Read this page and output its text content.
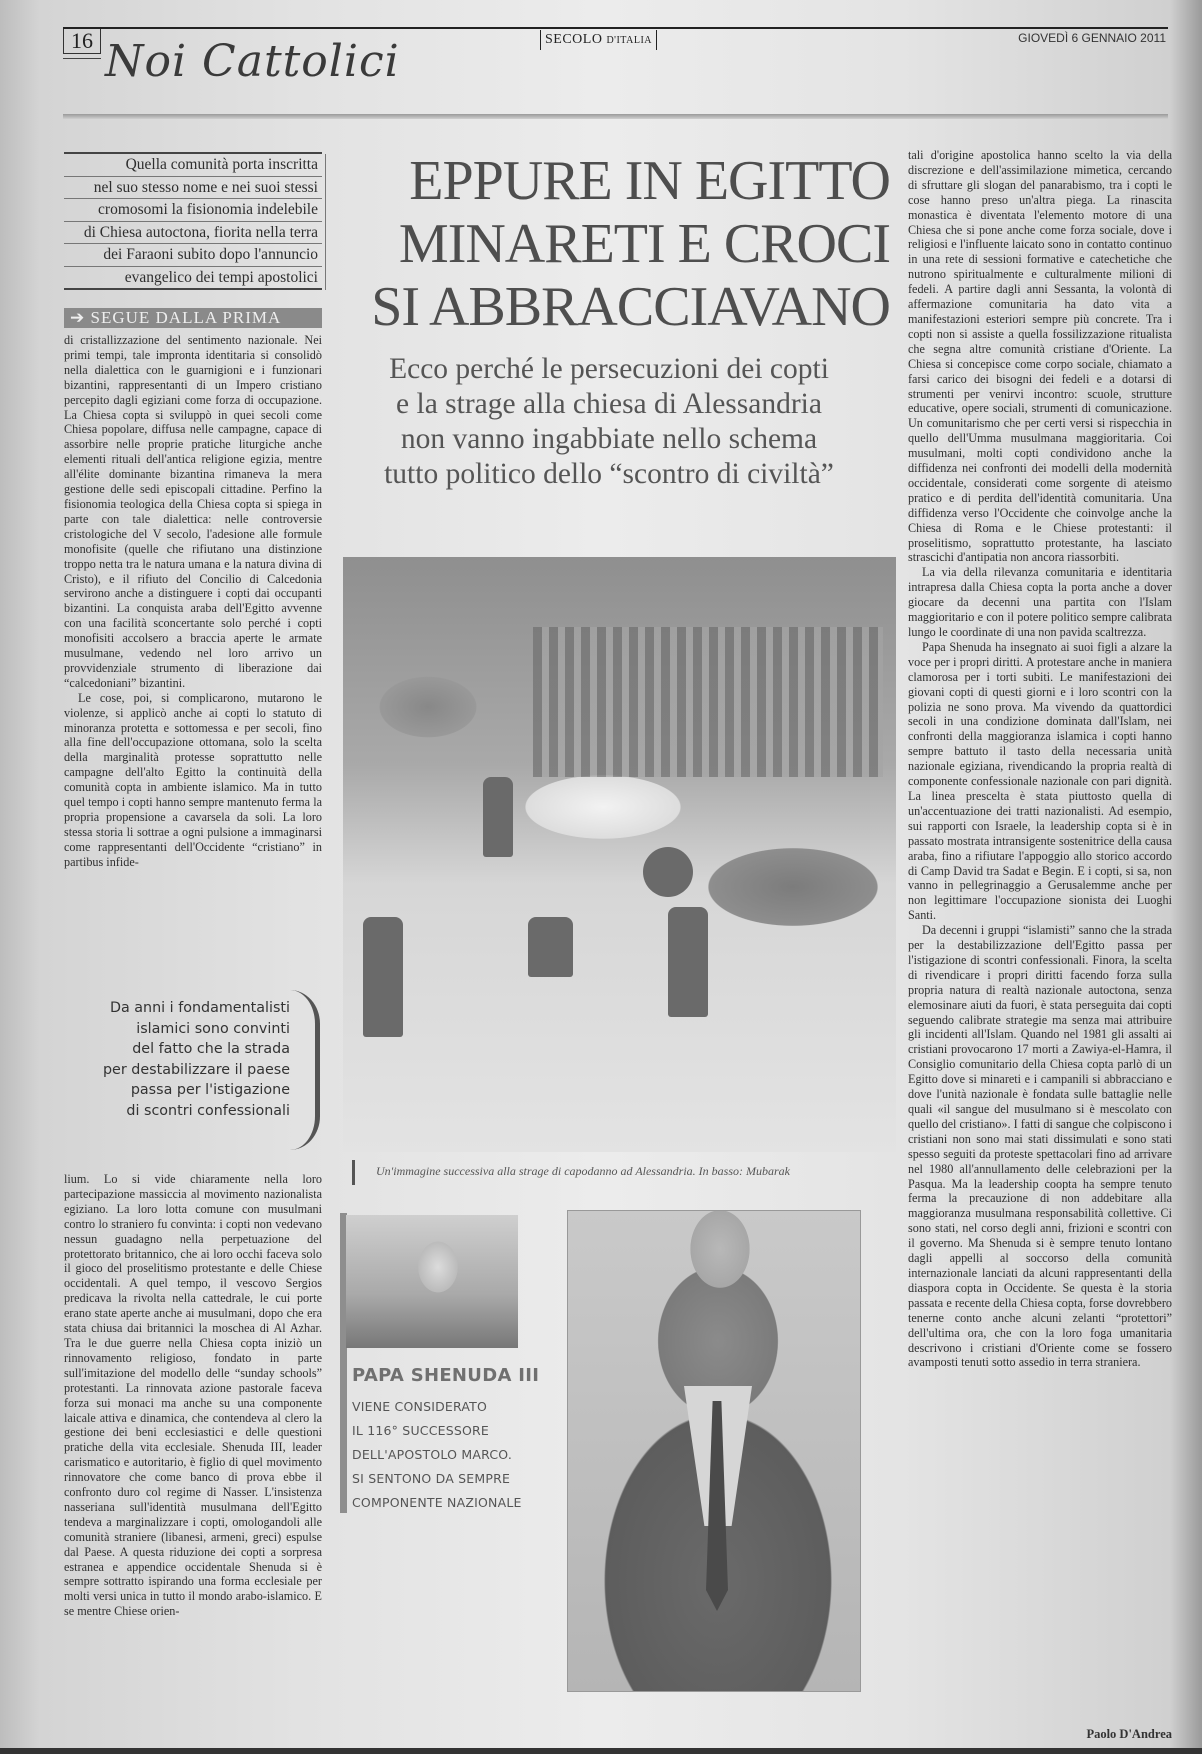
16 Noi Cattolici	SECOLO D'ITALIA	GIOVEDÌ 6 GENNAIO 2011
Quella comunità porta inscritta
nel suo stesso nome e nei suoi stessi
cromosomi la fisionomia indelebile
di Chiesa autoctona, fiorita nella terra
dei Faraoni subito dopo l'annuncio
evangelico dei tempi apostolici
➔ SEGUE DALLA PRIMA

di cristallizzazione del sentimento nazionale. Nei primi tempi, tale impronta identitaria si consolidò nella dialettica con le guarnigioni e i funzionari bizantini, rappresentanti di un Impero cristiano percepito dagli egiziani come forza di occupazione. La Chiesa copta si sviluppò in quei secoli come Chiesa popolare, diffusa nelle campagne, capace di assorbire nelle proprie pratiche liturgiche anche elementi rituali dell'antica religione egizia, mentre all'élite dominante bizantina rimaneva la mera gestione delle sedi episcopali cittadine. Perfino la fisionomia teologica della Chiesa copta si spiega in parte con tale dialettica: nelle controversie cristologiche del V secolo, l'adesione alle formule monofisite (quelle che rifiutano una distinzione troppo netta tra le natura umana e la natura divina di Cristo), e il rifiuto del Concilio di Calcedonia servirono anche a distinguere i copti dai occupanti bizantini. La conquista araba dell'Egitto avvenne con una facilità sconcertante solo perché i copti monofisiti accolsero a braccia aperte le armate musulmane, vedendo nel loro arrivo un provvidenziale strumento di liberazione dai “calcedoniani” bizantini.

Le cose, poi, si complicarono, mutarono le violenze, si applicò anche ai copti lo statuto di minoranza protetta e sottomessa e per secoli, fino alla fine dell'occupazione ottomana, solo la scelta della marginalità protesse soprattutto nelle campagne dell'alto Egitto la continuità della comunità copta in ambiente islamico. Ma in tutto quel tempo i copti hanno sempre mantenuto ferma la propria propensione a cavarsela da soli. La loro stessa storia li sottrae a ogni pulsione a immaginarsi come rappresentanti dell'Occidente “cristiano” in partibus infide-

Da anni i fondamentalisti
islamici sono convinti
del fatto che la strada
per destabilizzare il paese
passa per l'istigazione
di scontri confessionali

lium. Lo si vide chiaramente nella loro partecipazione massiccia al movimento nazionalista egiziano. La loro lotta comune con musulmani contro lo straniero fu convinta: i copti non vedevano nessun guadagno nella perpetuazione del protettorato britannico, che ai loro occhi faceva solo il gioco del proselitismo protestante e delle Chiese occidentali. A quel tempo, il vescovo Sergios predicava la rivolta nella cattedrale, le cui porte erano state aperte anche ai musulmani, dopo che era stata chiusa dai britannici la moschea di Al Azhar. Tra le due guerre nella Chiesa copta iniziò un rinnovamento religioso, fondato in parte sull'imitazione del modello delle “sunday schools” protestanti. La rinnovata azione pastorale faceva forza sui monaci ma anche su una componente laicale attiva e dinamica, che contendeva al clero la gestione dei beni ecclesiastici e delle questioni pratiche della vita ecclesiale. Shenuda III, leader carismatico e autoritario, è figlio di quel movimento rinnovatore che come banco di prova ebbe il confronto duro col regime di Nasser. L'insistenza nasseriana sull'identità musulmana dell'Egitto tendeva a marginalizzare i copti, omologandoli alle comunità straniere (libanesi, armeni, greci) espulse dal Paese. A questa riduzione dei copti a sorpresa estranea e appendice occidentale Shenuda si è sempre sottratto ispirando una forma ecclesiale per molti versi unica in tutto il mondo arabo-islamico. E se mentre Chiese orien-

EPPURE IN EGITTO
MINARETI E CROCI
SI ABBRACCIAVANO
Ecco perché le persecuzioni dei copti
e la strage alla chiesa di Alessandria
non vanno ingabbiate nello schema
tutto politico dello “scontro di civiltà”
Un'immagine successiva alla strage di capodanno ad Alessandria. In basso: Mubarak
PAPA SHENUDA III
VIENE CONSIDERATO
IL 116° SUCCESSORE
DELL'APOSTOLO MARCO.
SI SENTONO DA SEMPRE
COMPONENTE NAZIONALE

tali d'origine apostolica hanno scelto la via della discrezione e dell'assimilazione mimetica, cercando di sfruttare gli slogan del panarabismo, tra i copti le cose hanno preso un'altra piega. La rinascita monastica è diventata l'elemento motore di una Chiesa che si pone anche come forza sociale, dove i religiosi e l'influente laicato sono in contatto continuo in una rete di sessioni formative e catechetiche che nutrono spiritualmente e culturalmente milioni di fedeli. A partire dagli anni Sessanta, la volontà di affermazione comunitaria ha dato vita a manifestazioni esteriori sempre più concrete. Tra i copti non si assiste a quella fossilizzazione ritualista che segna altre comunità cristiane d'Oriente. La Chiesa si concepisce come corpo sociale, chiamato a farsi carico dei bisogni dei fedeli e a dotarsi di strumenti per venirvi incontro: scuole, strutture educative, opere sociali, strumenti di comunicazione. Un comunitarismo che per certi versi si rispecchia in quello dell'Umma musulmana maggioritaria. Coi musulmani, molti copti condividono anche la diffidenza nei confronti dei modelli della modernità occidentale, considerati come sorgente di ateismo pratico e di perdita dell'identità comunitaria. Una diffidenza verso l'Occidente che coinvolge anche la Chiesa di Roma e le Chiese protestanti: il proselitismo, soprattutto protestante, ha lasciato strascichi d'antipatia non ancora riassorbiti.

La via della rilevanza comunitaria e identitaria intrapresa dalla Chiesa copta la porta anche a dover giocare da decenni una partita con l'Islam maggioritario e con il potere politico sempre calibrata lungo le coordinate di una non pavida scaltrezza.

Papa Shenuda ha insegnato ai suoi figli a alzare la voce per i propri diritti. A protestare anche in maniera clamorosa per i torti subiti. Le manifestazioni dei giovani copti di questi giorni e i loro scontri con la polizia ne sono prova. Ma vivendo da quattordici secoli in una condizione dominata dall'Islam, nei confronti della maggioranza islamica i copti hanno sempre battuto il tasto della necessaria unità nazionale egiziana, rivendicando la propria realtà di componente confessionale nazionale con pari dignità. La linea prescelta è stata piuttosto quella di un'accentuazione dei tratti nazionalisti. Ad esempio, sui rapporti con Israele, la leadership copta si è in passato mostrata intransigente sostenitrice della causa araba, fino a rifiutare l'appoggio allo storico accordo di Camp David tra Sadat e Begin. E i copti, si sa, non vanno in pellegrinaggio a Gerusalemme anche per non legittimare l'occupazione sionista dei Luoghi Santi.

Da decenni i gruppi “islamisti” sanno che la strada per la destabilizzazione dell'Egitto passa per l'istigazione di scontri confessionali. Finora, la scelta di rivendicare i propri diritti facendo forza sulla propria natura di realtà nazionale autoctona, senza elemosinare aiuti da fuori, è stata perseguita dai copti seguendo calibrate strategie ma senza mai attribuire gli incidenti all'Islam. Quando nel 1981 gli assalti ai cristiani provocarono 17 morti a Zawiya-el-Hamra, il Consiglio comunitario della Chiesa copta parlò di un Egitto dove si minareti e i campanili si abbracciano e dove l'unità nazionale è fondata sulle battaglie nelle quali «il sangue del musulmano si è mescolato con quello del cristiano». I fatti di sangue che colpiscono i cristiani non sono mai stati dissimulati e sono stati spesso seguiti da proteste spettacolari fino ad arrivare nel 1980 all'annullamento delle celebrazioni per la Pasqua. Ma la leadership coopta ha sempre tenuto ferma la precauzione di non addebitare alla maggioranza musulmana responsabilità collettive. Ci sono stati, nel corso degli anni, frizioni e scontri con il governo. Ma Shenuda si è sempre tenuto lontano dagli appelli al soccorso della comunità internazionale lanciati da alcuni rappresentanti della diaspora copta in Occidente. Se questa è la storia passata e recente della Chiesa copta, forse dovrebbero tenerne conto anche alcuni zelanti “protettori” dell'ultima ora, che con la loro foga umanitaria descrivono i cristiani d'Oriente come se fossero avamposti tenuti sotto assedio in terra straniera.

Paolo D'Andrea
